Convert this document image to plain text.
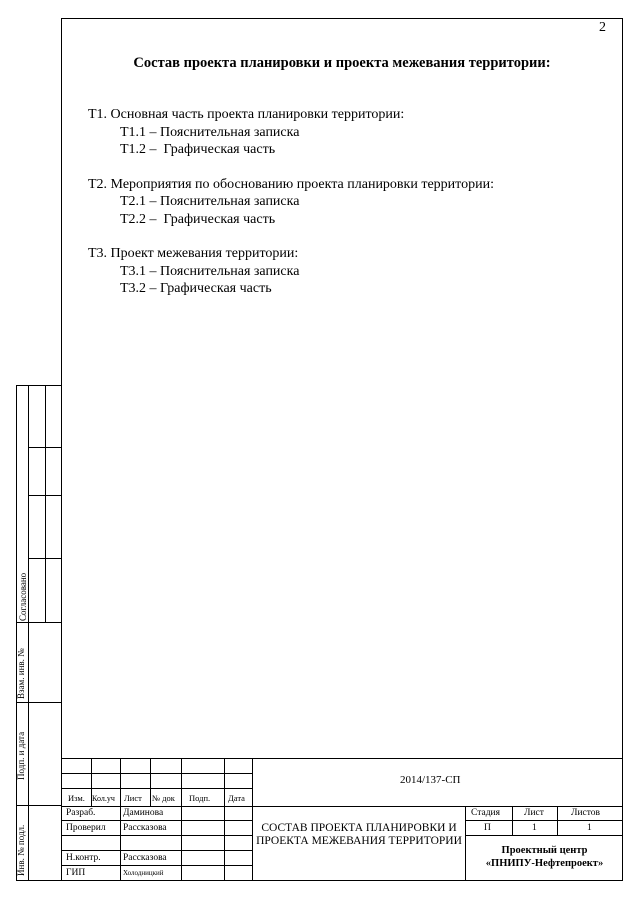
2
Состав проекта планировки и проекта межевания территории:
Т1. Основная часть проекта планировки территории:
Т1.1 – Пояснительная записка
Т1.2 –  Графическая часть
Т2. Мероприятия по обоснованию проекта планировки территории:
Т2.1 – Пояснительная записка
Т2.2 –  Графическая часть
Т3. Проект межевания территории:
Т3.1 – Пояснительная записка
Т3.2 – Графическая часть
Согласовано
Взам. инв. №
Подп. и дата
Инв. № подл.
2014/137-СП
Изм. Кол.уч Лист № док Подп. Дата
Разраб.	Даминова
Проверил Рассказова
Н.контр. Рассказова
ГИП	Холодницкий
СОСТАВ ПРОЕКТА ПЛАНИРОВКИ И ПРОЕКТА МЕЖЕВАНИЯ ТЕРРИТОРИИ
Стадия	Лист	Листов
П	1	1
Проектный центр
«ПНИПУ-Нефтепроект»
